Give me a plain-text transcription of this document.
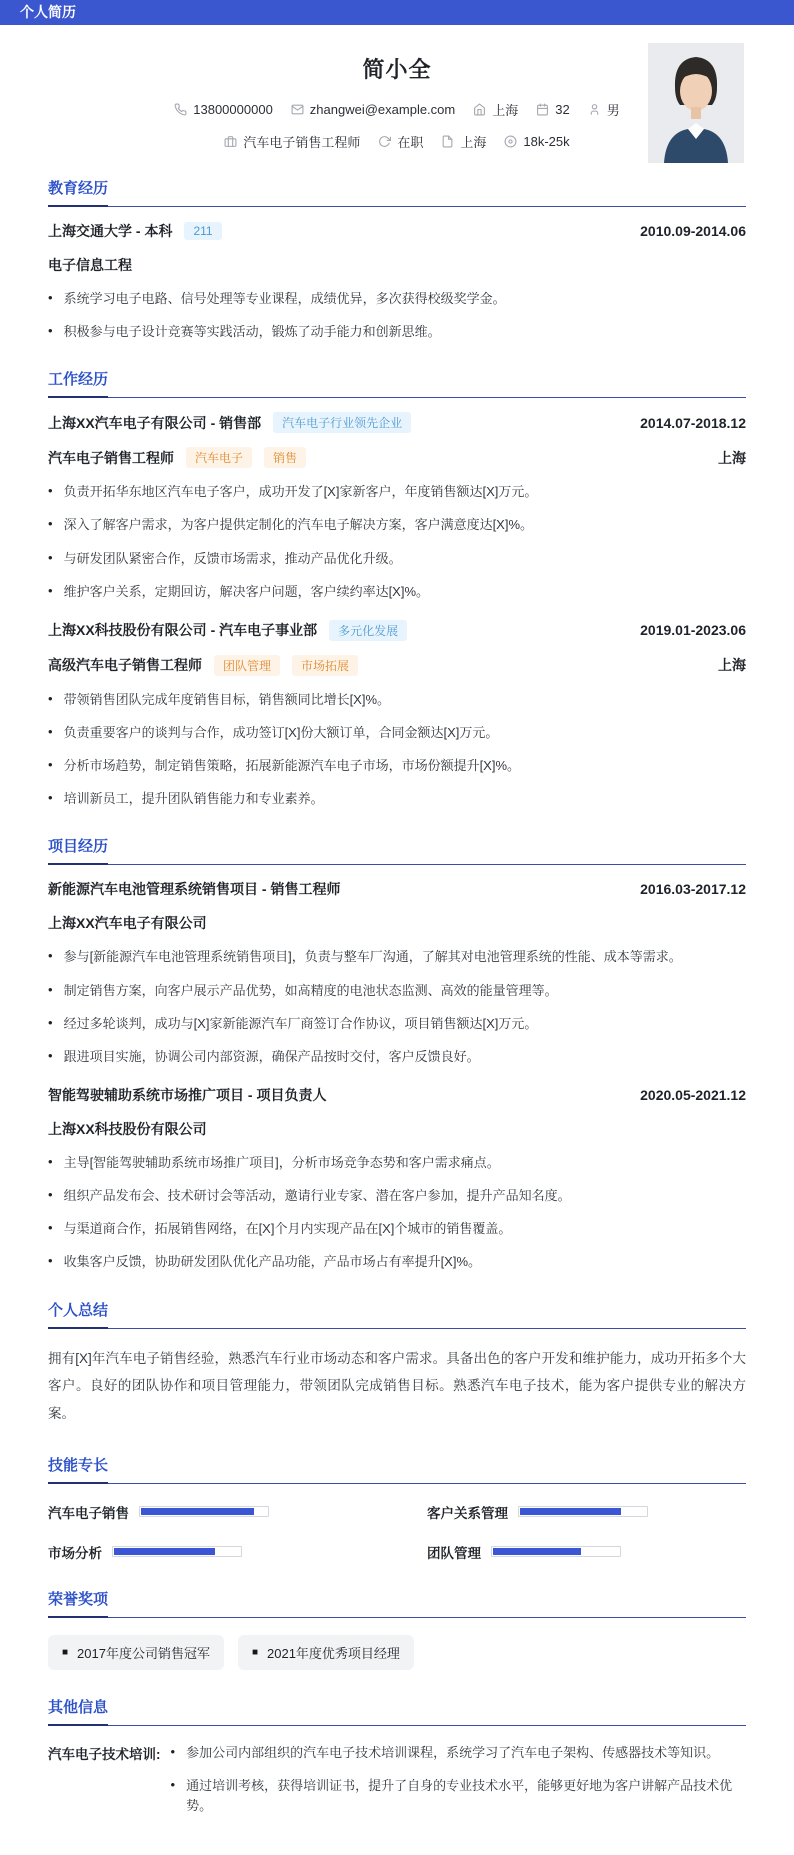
个人简历
简小全
13800000000	zhangwei@example.com	上海	32	男
汽车电子销售工程师	在职	上海	18k-25k
教育经历
上海交通大学 - 本科	211	2010.09-2014.06
电子信息工程
• 系统学习电子电路、信号处理等专业课程，成绩优异，多次获得校级奖学金。
• 积极参与电子设计竞赛等实践活动，锻炼了动手能力和创新思维。
工作经历
上海XX汽车电子有限公司 - 销售部	汽车电子行业领先企业	2014.07-2018.12
汽车电子销售工程师	汽车电子	销售	上海
• 负责开拓华东地区汽车电子客户，成功开发了[X]家新客户，年度销售额达[X]万元。
• 深入了解客户需求，为客户提供定制化的汽车电子解决方案，客户满意度达[X]%。
• 与研发团队紧密合作，反馈市场需求，推动产品优化升级。
• 维护客户关系，定期回访，解决客户问题，客户续约率达[X]%。
上海XX科技股份有限公司 - 汽车电子事业部	多元化发展	2019.01-2023.06
高级汽车电子销售工程师	团队管理	市场拓展	上海
• 带领销售团队完成年度销售目标，销售额同比增长[X]%。
• 负责重要客户的谈判与合作，成功签订[X]份大额订单，合同金额达[X]万元。
• 分析市场趋势，制定销售策略，拓展新能源汽车电子市场，市场份额提升[X]%。
• 培训新员工，提升团队销售能力和专业素养。
项目经历
新能源汽车电池管理系统销售项目 - 销售工程师	2016.03-2017.12
上海XX汽车电子有限公司
• 参与[新能源汽车电池管理系统销售项目]，负责与整车厂沟通，了解其对电池管理系统的性能、成本等需求。
• 制定销售方案，向客户展示产品优势，如高精度的电池状态监测、高效的能量管理等。
• 经过多轮谈判，成功与[X]家新能源汽车厂商签订合作协议，项目销售额达[X]万元。
• 跟进项目实施，协调公司内部资源，确保产品按时交付，客户反馈良好。
智能驾驶辅助系统市场推广项目 - 项目负责人	2020.05-2021.12
上海XX科技股份有限公司
• 主导[智能驾驶辅助系统市场推广项目]，分析市场竞争态势和客户需求痛点。
• 组织产品发布会、技术研讨会等活动，邀请行业专家、潜在客户参加，提升产品知名度。
• 与渠道商合作，拓展销售网络，在[X]个月内实现产品在[X]个城市的销售覆盖。
• 收集客户反馈，协助研发团队优化产品功能，产品市场占有率提升[X]%。
个人总结
拥有[X]年汽车电子销售经验，熟悉汽车行业市场动态和客户需求。具备出色的客户开发和维护能力，成功开拓多个大客户。良好的团队协作和项目管理能力，带领团队完成销售目标。熟悉汽车电子技术，能为客户提供专业的解决方案。
技能专长
汽车电子销售	客户关系管理
市场分析	团队管理
荣誉奖项
■ 2017年度公司销售冠军	■ 2021年度优秀项目经理
其他信息
汽车电子技术培训: • 参加公司内部组织的汽车电子技术培训课程，系统学习了汽车电子架构、传感器技术等知识。
• 通过培训考核，获得培训证书，提升了自身的专业技术水平，能够更好地为客户讲解产品技术优势。
